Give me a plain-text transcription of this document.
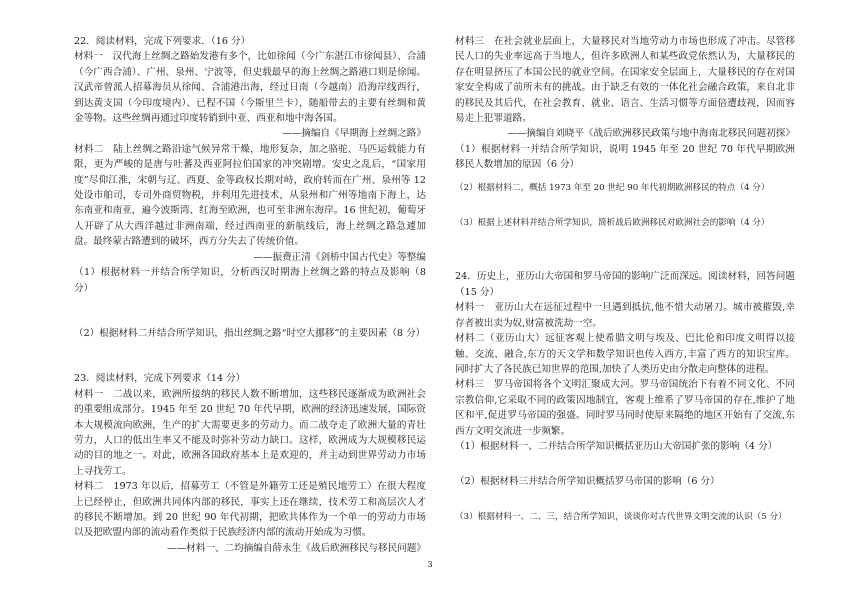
22．阅读材料，完成下列要求．（16 分）

材料一　汉代海上丝绸之路始发港有多个，比如徐闻（今广东湛江市徐闻县）、合浦（今广西合浦）、广州、泉州、宁波等，但史载最早的海上丝绸之路港口则是徐闻。汉武帝曾派人招募海员从徐闻、合浦港出海，经过日南（今越南）沿海岸线西行，到达黄支国（今印度境内）、已程不国（今斯里兰卡），随船带去的主要有丝绸和黄金等物。这些丝绸再通过印度转销到中亚、西亚和地中海各国。

——摘编自《早期海上丝绸之路》

材料二　陆上丝绸之路沿途气候异常干燥，地形复杂，加之骆驼、马匹运载能力有限，更为严峻的是唐与吐蕃及西亚阿拉伯国家的冲突剧增。安史之乱后，“国家用度”尽仰江淮，宋朝与辽、西夏、金等政权长期对峙，政府转而在广州、泉州等 12 处设市舶司，专司外商贸物税，并利用先进技术，从泉州和广州等地南下海上，达东南亚和南亚，遍今波斯湾、红海至欧洲，也可至非洲东海岸。16 世纪初，葡萄牙人开辟了从大西洋越过非洲南端，经过西南亚的新航线后，海上丝绸之路急遽加盘。最终蒙古路遭到的破坏，西方分失去了传统价值。

——振费正清《剑桥中国古代史》等整编

（1）根据材料一并结合所学知识，分析西汉时期海上丝绸之路的特点及影响（8 分）

（2）根据材料二并结合所学知识，指出丝绸之路“时空大挪移”的主要因素（8 分）

23．阅读材料，完成下列要求（14 分）

材料一　二战以来，欧洲所接纳的移民人数不断增加，这些移民逐渐成为欧洲社会的重要组成部分。1945 年至 20 世纪 70 年代早期，欧洲的经济迅速发展，国际资本大规模流向欧洲，生产的扩大需要更多的劳动力。而二战夺走了欧洲大量的青壮劳力，人口的低出生率又不能及时弥补劳动力缺口。这样，欧洲成为大规模移民运动的目的地之一。对此，欧洲各国政府基本上是欢迎的，并主动到世界劳动力市场上寻找劳工。

材料二　1973 年以后，招募劳工（不管是外籍劳工还是殖民地劳工）在很大程度上已经停止，但欧洲共同体内部的移民，事实上还在继续，技术劳工和高层次人才的移民不断增加。到 20 世纪 90 年代初期，把欧共体作为一个单一的劳动力市场以及把欧盟内部的流动看作类似于民族经济内部的流动开始成为习惯。

——材料一、二均摘编自薛永生《战后欧洲移民与移民问题》

材料三　在社会就业层面上，大量移民对当地劳动力市场也形成了冲击。尽管移民人口的失业率远高于当地人，但许多欧洲人和某些政党依然认为，大量移民的存在明显挤压了本国公民的就业空间。在国家安全层面上，大量移民的存在对国家安全构成了前所未有的挑战。由于缺乏有效的一体化社会融合政策，来自北非的移民及其后代，在社会教育、就业、语言、生活习惯等方面倍遭歧视，因而容易走上犯罪道路。

——摘编自刘晓平《战后欧洲移民政策与地中海南北移民问题初探》

（1）根据材料一并结合所学知识，说明 1945 年至 20 世纪 70 年代早期欧洲移民人数增加的原因（6 分）

（2）根据材料二，概括 1973 年至 20 世纪 90 年代初期欧洲移民的特点（4 分）

（3）根据上述材料并结合所学知识，简析战后欧洲移民对欧洲社会的影响（4 分）

24．历史上，亚历山大帝国和罗马帝国的影响广泛而深远。阅读材料，回答问题（15 分）

材料一　亚历山大在远征过程中一旦遇到抵抗,他不惜大动屠刀。城市被摧毁,幸存者被出卖为奴,财富被洗劫一空。

材料二（亚历山大）远征客观上使希腊文明与埃及、巴比伦和印度文明得以接触、交流、融合,东方的天文学和数学知识也传入西方,丰富了西方的知识宝库。同时扩大了各民族已知世界的范围,加快了人类历史由分散走向整体的进程。

材料三　罗马帝国将各个文明汇聚成大河。罗马帝国统治下有着不同文化、不同宗教信仰,它采取不同的政策因地制宜，客观上维系了罗马帝国的存在,维护了地区和平,促进罗马帝国的强盛。同时罗马同时使原来隔绝的地区开始有了交流,东西方文明交流进一步频繁。

（1）根据材料一、二并结合所学知识概括亚历山大帝国扩张的影响（4 分）

（2）根据材料三并结合所学知识概括罗马帝国的影响（6 分）

（3）根据材料一、二、三，结合所学知识，谈谈你对古代世界文明交流的认识（5 分）

3
